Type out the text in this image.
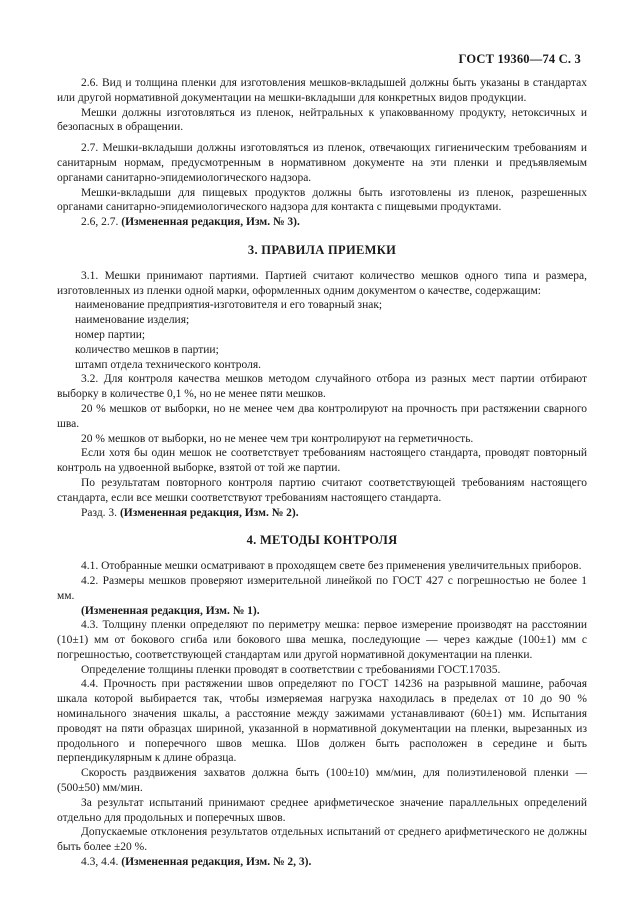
ГОСТ 19360—74 С. 3

2.6. Вид и толщина пленки для изготовления мешков-вкладышей должны быть указаны в стандартах или другой нормативной документации на мешки-вкладыши для конкретных видов продукции.

Мешки должны изготовляться из пленок, нейтральных к упаковванному продукту, нетоксичных и безопасных в обращении.

2.7. Мешки-вкладыши должны изготовляться из пленок, отвечающих гигиеническим требованиям и санитарным нормам, предусмотренным в нормативном документе на эти пленки и предъявляемым органами санитарно-эпидемиологического надзора.

Мешки-вкладыши для пищевых продуктов должны быть изготовлены из пленок, разрешенных органами санитарно-эпидемиологического надзора для контакта с пищевыми продуктами.

2.6, 2.7. (Измененная редакция, Изм. № 3).

3. ПРАВИЛА ПРИЕМКИ

3.1. Мешки принимают партиями. Партией считают количество мешков одного типа и размера, изготовленных из пленки одной марки, оформленных одним документом о качестве, содержащим:

наименование предприятия-изготовителя и его товарный знак;

наименование изделия;

номер партии;

количество мешков в партии;

штамп отдела технического контроля.

3.2. Для контроля качества мешков методом случайного отбора из разных мест партии отбирают выборку в количестве 0,1 %, но не менее пяти мешков.

20 % мешков от выборки, но не менее чем два контролируют на прочность при растяжении сварного шва.

20 % мешков от выборки, но не менее чем три контролируют на герметичность.

Если хотя бы один мешок не соответствует требованиям настоящего стандарта, проводят повторный контроль на удвоенной выборке, взятой от той же партии.

По результатам повторного контроля партию считают соответствующей требованиям настоящего стандарта, если все мешки соответствуют требованиям настоящего стандарта.

Разд. 3. (Измененная редакция, Изм. № 2).

4. МЕТОДЫ КОНТРОЛЯ

4.1. Отобранные мешки осматривают в проходящем свете без применения увеличительных приборов.

4.2. Размеры мешков проверяют измерительной линейкой по ГОСТ 427 с погрешностью не более 1 мм.

(Измененная редакция, Изм. № 1).

4.3. Толщину пленки определяют по периметру мешка: первое измерение производят на расстоянии (10±1) мм от бокового сгиба или бокового шва мешка, последующие — через каждые (100±1) мм с погрешностью, соответствующей стандартам или другой нормативной документации на пленки.

Определение толщины пленки проводят в соответствии с требованиями ГОСТ.17035.

4.4. Прочность при растяжении швов определяют по ГОСТ 14236 на разрывной машине, рабочая шкала которой выбирается так, чтобы измеряемая нагрузка находилась в пределах от 10 до 90 % номинального значения шкалы, а расстояние между зажимами устанавливают (60±1) мм. Испытания проводят на пяти образцах шириной, указанной в нормативной документации на пленки, вырезанных из продольного и поперечного швов мешка. Шов должен быть расположен в середине и быть перпендикулярным к длине образца.

Скорость раздвижения захватов должна быть (100±10) мм/мин, для полиэтиленовой пленки — (500±50) мм/мин.

За результат испытаний принимают среднее арифметическое значение параллельных определений отдельно для продольных и поперечных швов.

Допускаемые отклонения результатов отдельных испытаний от среднего арифметического не должны быть более ±20 %.

4.3, 4.4. (Измененная редакция, Изм. № 2, 3).
